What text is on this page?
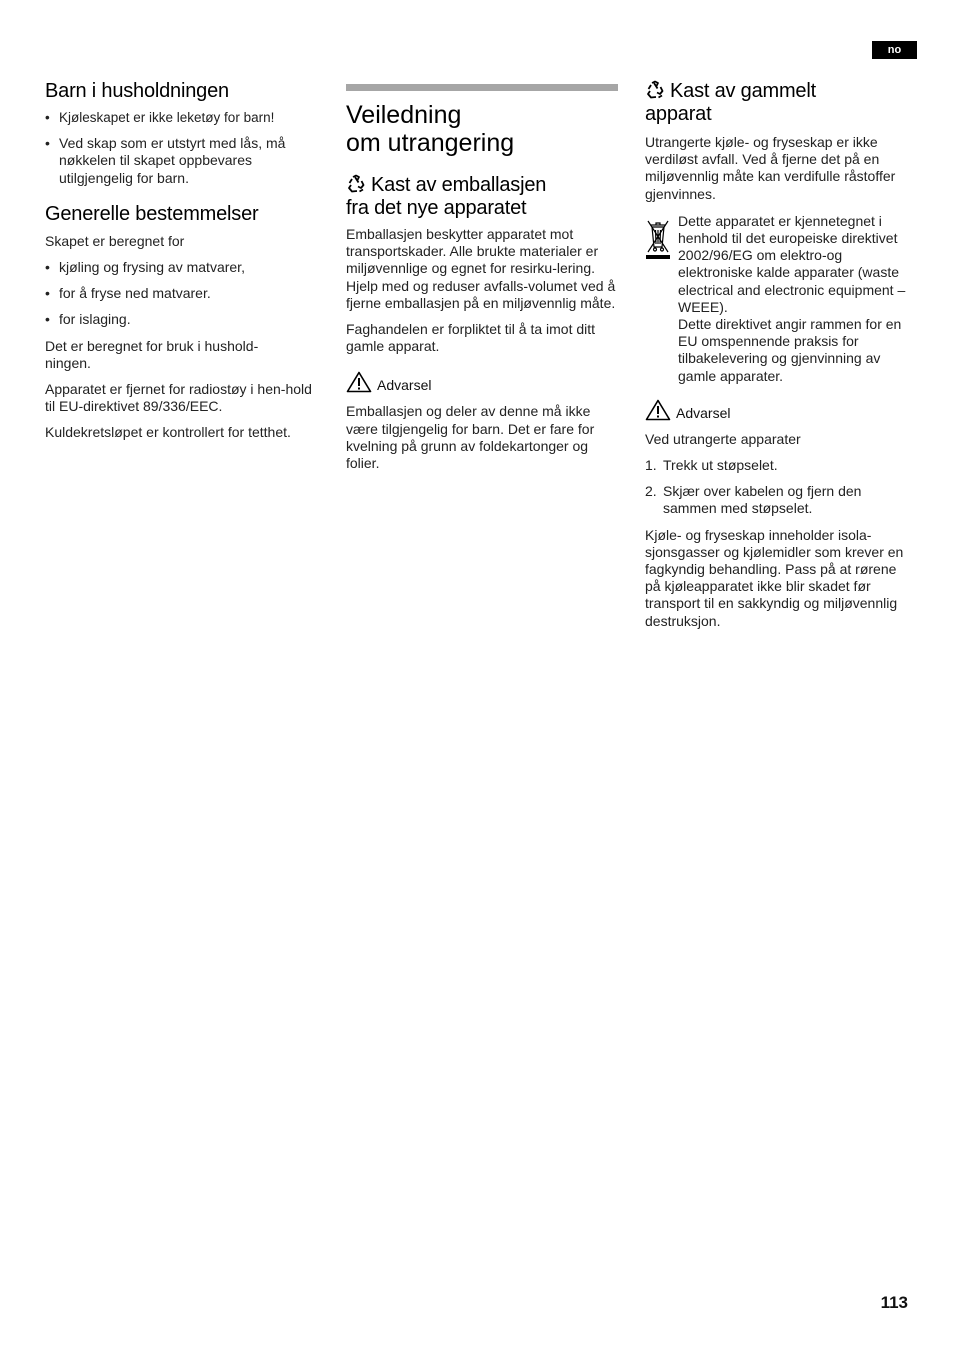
no
Barn i husholdningen
• Kjøleskapet er ikke leketøy for barn!
• Ved skap som er utstyrt med lås, må nøkkelen til skapet oppbevares utilgjengelig for barn.
Generelle bestemmelser

Skapet er beregnet for

• kjøling og frysing av matvarer,
• for å fryse ned matvarer.
• for islaging.

Det er beregnet for bruk i hushold-ningen.

Apparatet er fjernet for radiostøy i hen-hold til EU-direktivet 89/336/EEC.

Kuldekretsløpet er kontrollert for tetthet.

Veiledning
om utrangering
Kast av emballasjen
fra det nye apparatet

Emballasjen beskytter apparatet mot transportskader. Alle brukte materialer er miljøvennlige og egnet for resirku-lering. Hjelp med og reduser avfalls-volumet ved å fjerne emballasjen på en miljøvennlig måte.

Faghandelen er forpliktet til å ta imot ditt gamle apparat.

Advarsel

Emballasjen og deler av denne må ikke være tilgjengelig for barn. Det er fare for kvelning på grunn av foldekartonger og folier.

Kast av gammelt
apparat

Utrangerte kjøle- og fryseskap er ikke verdiløst avfall. Ved å fjerne det på en miljøvennlig måte kan verdifulle råstoffer gjenvinnes.

Dette apparatet er kjennetegnet i henhold til det europeiske direktivet 2002/96/EG om elektro-og elektroniske kalde apparater (waste electrical and electronic equipment – WEEE).

Dette direktivet angir rammen for en EU omspennende praksis for tilbakelevering og gjenvinning av gamle apparater.

Advarsel

Ved utrangerte apparater

1. Trekk ut støpselet.
2. Skjær over kabelen og fjern den sammen med støpselet.

Kjøle- og fryseskap inneholder isola-sjonsgasser og kjølemidler som krever en fagkyndig behandling. Pass på at rørene på kjøleapparatet ikke blir skadet før transport til en sakkyndig og miljøvennlig destruksjon.

113
